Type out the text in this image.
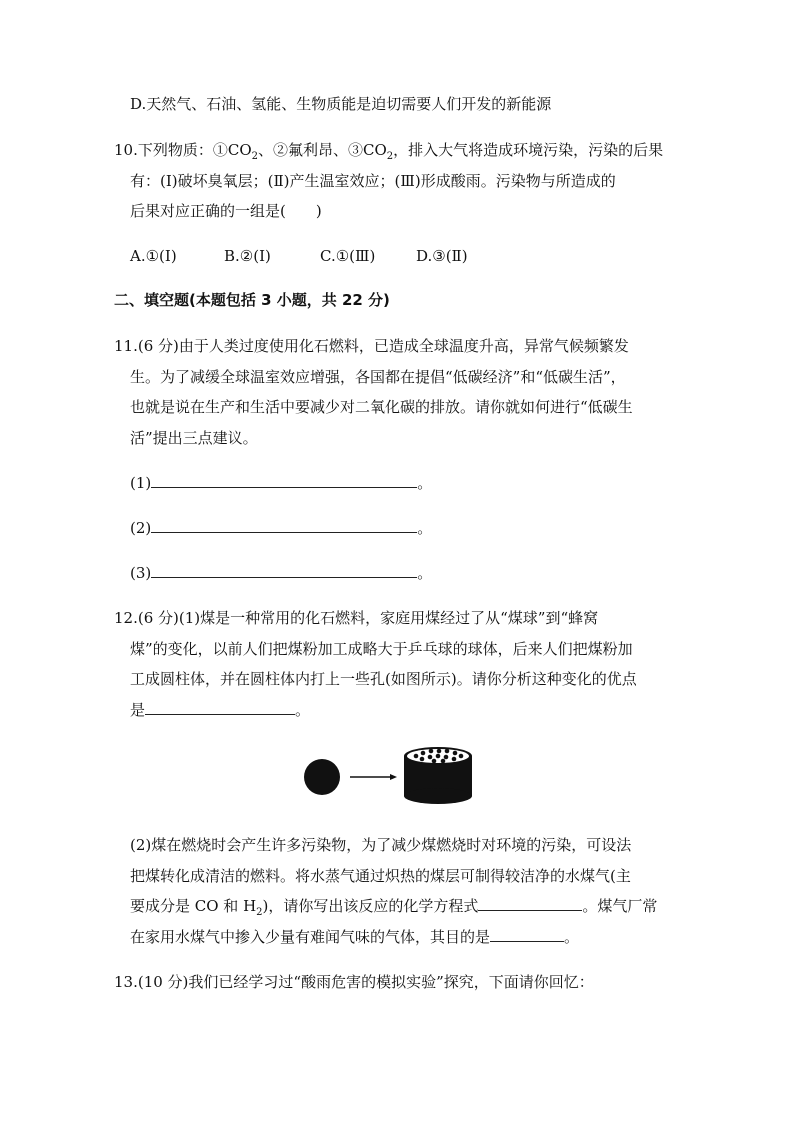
D.天然气、石油、氢能、生物质能是迫切需要人们开发的新能源
10.下列物质：$①CO_2$、②氟利昂、$③CO_2$，排入大气将造成环境污染，污染的后果
有：(Ⅰ)破坏臭氧层；(Ⅱ)产生温室效应；(Ⅲ)形成酸雨。污染物与所造成的
后果对应正确的一组是(　　)
A.①(Ⅰ)	B.②(Ⅰ)	C.①(Ⅲ)	D.③(Ⅱ)
二、填空题(本题包括 3 小题，共 22 分)
11.(6 分)由于人类过度使用化石燃料，已造成全球温度升高，异常气候频繁发
生。为了减缓全球温室效应增强，各国都在提倡“低碳经济”和“低碳生活”，
也就是说在生产和生活中要减少对二氧化碳的排放。请你就如何进行“低碳生
活”提出三点建议。
(1)	。
(2)	。
(3)	。
12.(6 分)(1)煤是一种常用的化石燃料，家庭用煤经过了从“煤球”到“蜂窝
煤”的变化，以前人们把煤粉加工成略大于乒乓球的球体，后来人们把煤粉加
工成圆柱体，并在圆柱体内打上一些孔(如图所示)。请你分析这种变化的优点
是	。
(2)煤在燃烧时会产生许多污染物，为了减少煤燃烧时对环境的污染，可设法
把煤转化成清洁的燃料。将水蒸气通过炽热的煤层可制得较洁净的水煤气(主
要成分是 CO 和 $H_2$)，请你写出该反应的化学方程式	。煤气厂常
在家用水煤气中掺入少量有难闻气味的气体，其目的是	。
13.(10 分)我们已经学习过“酸雨危害的模拟实验”探究，下面请你回忆：
